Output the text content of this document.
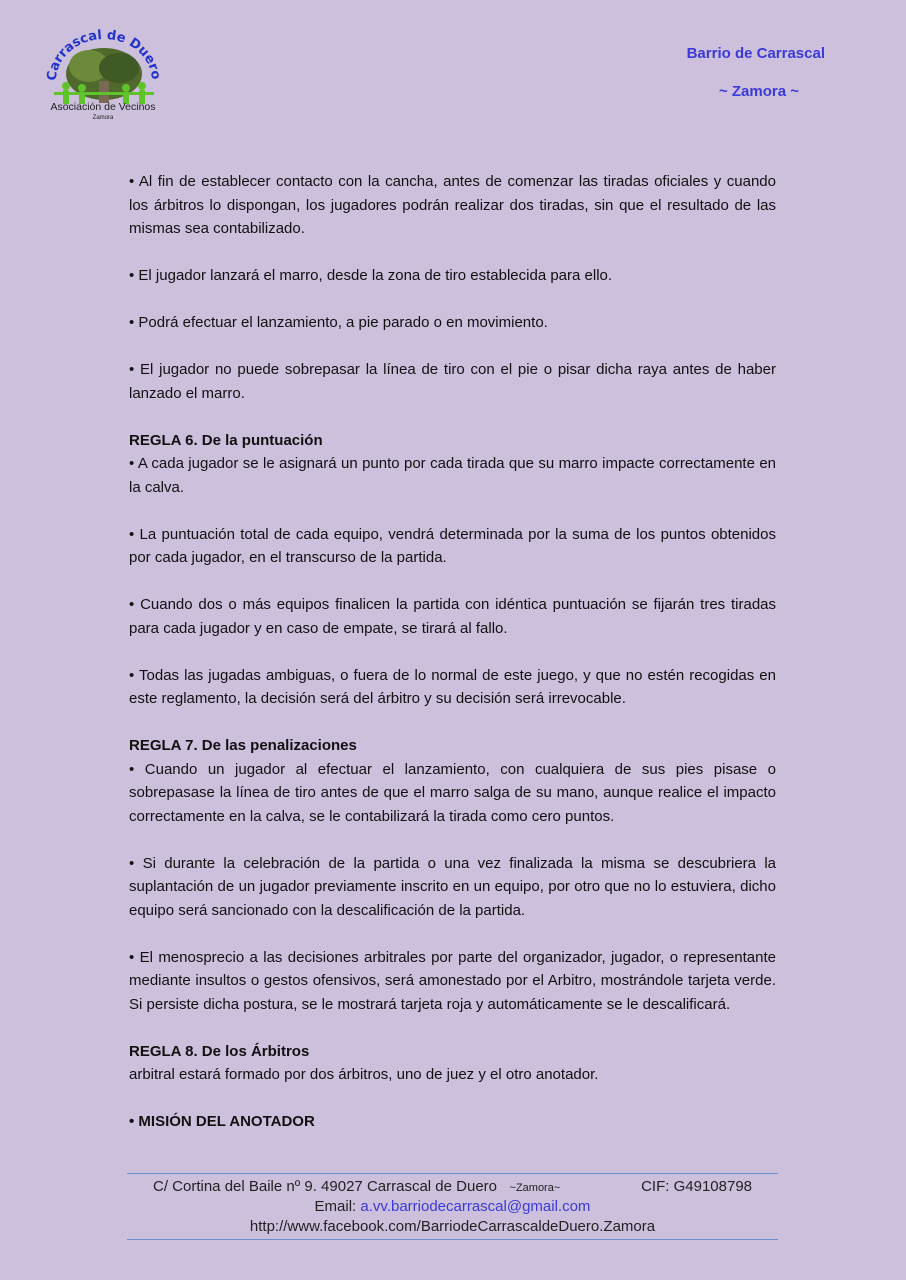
Carrascal de Duero
Asociación de Vecinos
Zamora
Barrio de Carrascal
~ Zamora ~
• Al fin de establecer contacto con la cancha, antes de comenzar las tiradas oficiales y cuando los árbitros lo dispongan, los jugadores podrán realizar dos tiradas, sin que el resultado de las mismas sea contabilizado.
• El jugador lanzará el marro, desde la zona de tiro establecida para ello.
• Podrá efectuar el lanzamiento, a pie parado o en movimiento.
• El jugador no puede sobrepasar la línea de tiro con el pie o pisar dicha raya antes de haber lanzado el marro.
REGLA 6. De la puntuación
• A cada jugador se le asignará un punto por cada tirada que su marro impacte correctamente en la calva.
• La puntuación total de cada equipo, vendrá determinada por la suma de los puntos obtenidos por cada jugador, en el transcurso de la partida.
• Cuando dos o más equipos finalicen la partida con idéntica puntuación se fijarán tres tiradas para cada jugador y en caso de empate, se tirará al fallo.
• Todas las jugadas ambiguas, o fuera de lo normal de este juego, y que no estén recogidas en este reglamento, la decisión será del árbitro y su decisión será irrevocable.
REGLA 7. De las penalizaciones
• Cuando un jugador al efectuar el lanzamiento, con cualquiera de sus pies pisase o sobrepasase la línea de tiro antes de que el marro salga de su mano, aunque realice el impacto correctamente en la calva, se le contabilizará la tirada como cero puntos.
• Si durante la celebración de la partida o una vez finalizada la misma se descubriera la suplantación de un jugador previamente inscrito en un equipo, por otro que no lo estuviera, dicho equipo será sancionado con la descalificación de la partida.
• El menosprecio a las decisiones arbitrales por parte del organizador, jugador, o representante mediante insultos o gestos ofensivos, será amonestado por el Arbitro, mostrándole tarjeta verde. Si persiste dicha postura, se le mostrará tarjeta roja y automáticamente se le descalificará.
REGLA 8. De los Árbitros
arbitral estará formado por dos árbitros, uno de juez y el otro anotador.
• MISIÓN DEL ANOTADOR
C/ Cortina del Baile nº 9. 49027 Carrascal de Duero ~Zamora~	CIF: G49108798

Email: a.vv.barriodecarrascal@gmail.com
http://www.facebook.com/BarriodeCarrascaldeDuero.Zamora
